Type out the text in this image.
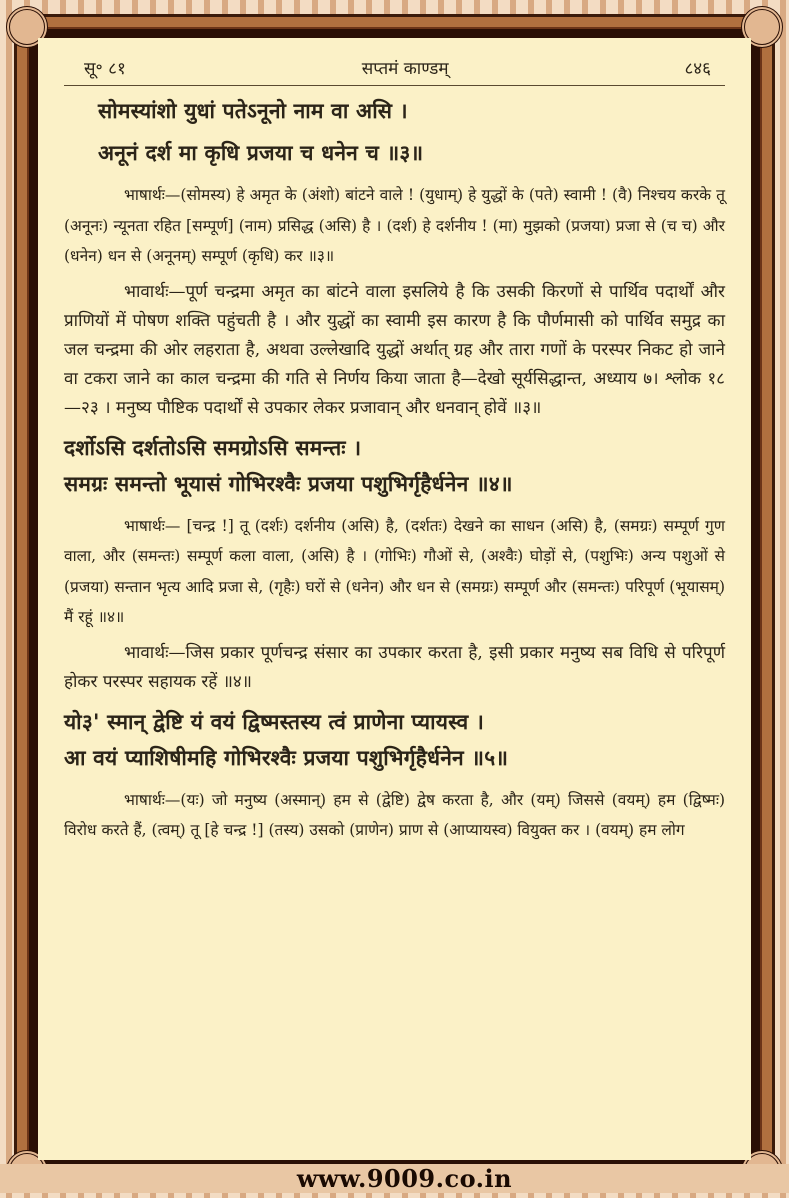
सू॰ ८१	सप्तमं काण्डम्	८४६
सोमस्यांशो युधां पतेऽनूनो नाम वा असि ।
अनूनं दर्श मा कृधि प्रजया च धनेन च ॥३॥

भाषार्थः—(सोमस्य) हे अमृत के (अंशो) बांटने वाले ! (युधाम्) हे युद्धों के (पते) स्वामी ! (वै) निश्चय करके तू (अनूनः) न्यूनता रहित [सम्पूर्ण] (नाम) प्रसिद्ध (असि) है । (दर्श) हे दर्शनीय ! (मा) मुझको (प्रजया) प्रजा से (च च) और (धनेन) धन से (अनूनम्) सम्पूर्ण (कृधि) कर ॥३॥

भावार्थः—पूर्ण चन्द्रमा अमृत का बांटने वाला इसलिये है कि उसकी किरणों से पार्थिव पदार्थों और प्राणियों में पोषण शक्ति पहुंचती है । और युद्धों का स्वामी इस कारण है कि पौर्णमासी को पार्थिव समुद्र का जल चन्द्रमा की ओर लहराता है, अथवा उल्लेखादि युद्धों अर्थात् ग्रह और तारा गणों के परस्पर निकट हो जाने वा टकरा जाने का काल चन्द्रमा की गति से निर्णय किया जाता है—देखो सूर्यसिद्धान्त, अध्याय ७। श्लोक १८—२३ । मनुष्य पौष्टिक पदार्थों से उपकार लेकर प्रजावान् और धनवान् होवें ॥३॥

दर्शोऽसि दर्शतोऽसि समग्रोऽसि समन्तः ।
समग्रः समन्तो भूयासं गोभिरश्वैः प्रजया पशुभिर्गृहैर्धनेन ॥४॥

भाषार्थः— [चन्द्र !] तू (दर्शः) दर्शनीय (असि) है, (दर्शतः) देखने का साधन (असि) है, (समग्रः) सम्पूर्ण गुण वाला, और (समन्तः) सम्पूर्ण कला वाला, (असि) है । (गोभिः) गौओं से, (अश्वैः) घोड़ों से, (पशुभिः) अन्य पशुओं से (प्रजया) सन्तान भृत्य आदि प्रजा से, (गृहैः) घरों से (धनेन) और धन से (समग्रः) सम्पूर्ण और (समन्तः) परिपूर्ण (भूयासम्) मैं रहूं ॥४॥

भावार्थः—जिस प्रकार पूर्णचन्द्र संसार का उपकार करता है, इसी प्रकार मनुष्य सब विधि से परिपूर्ण होकर परस्पर सहायक रहें ॥४॥

यो३' स्मान् द्वेष्टि यं वयं द्विष्मस्तस्य त्वं प्राणेना प्यायस्व ।
आ वयं प्याशिषीमहि गोभिरश्वैः प्रजया पशुभिर्गृहैर्धनेन ॥५॥

भाषार्थः—(यः) जो मनुष्य (अस्मान्) हम से (द्वेष्टि) द्वेष करता है, और (यम्) जिससे (वयम्) हम (द्विष्मः) विरोध करते हैं, (त्वम्) तू [हे चन्द्र !] (तस्य) उसको (प्राणेन) प्राण से (आप्यायस्व) वियुक्त कर । (वयम्) हम लोग

www.9009.co.in
